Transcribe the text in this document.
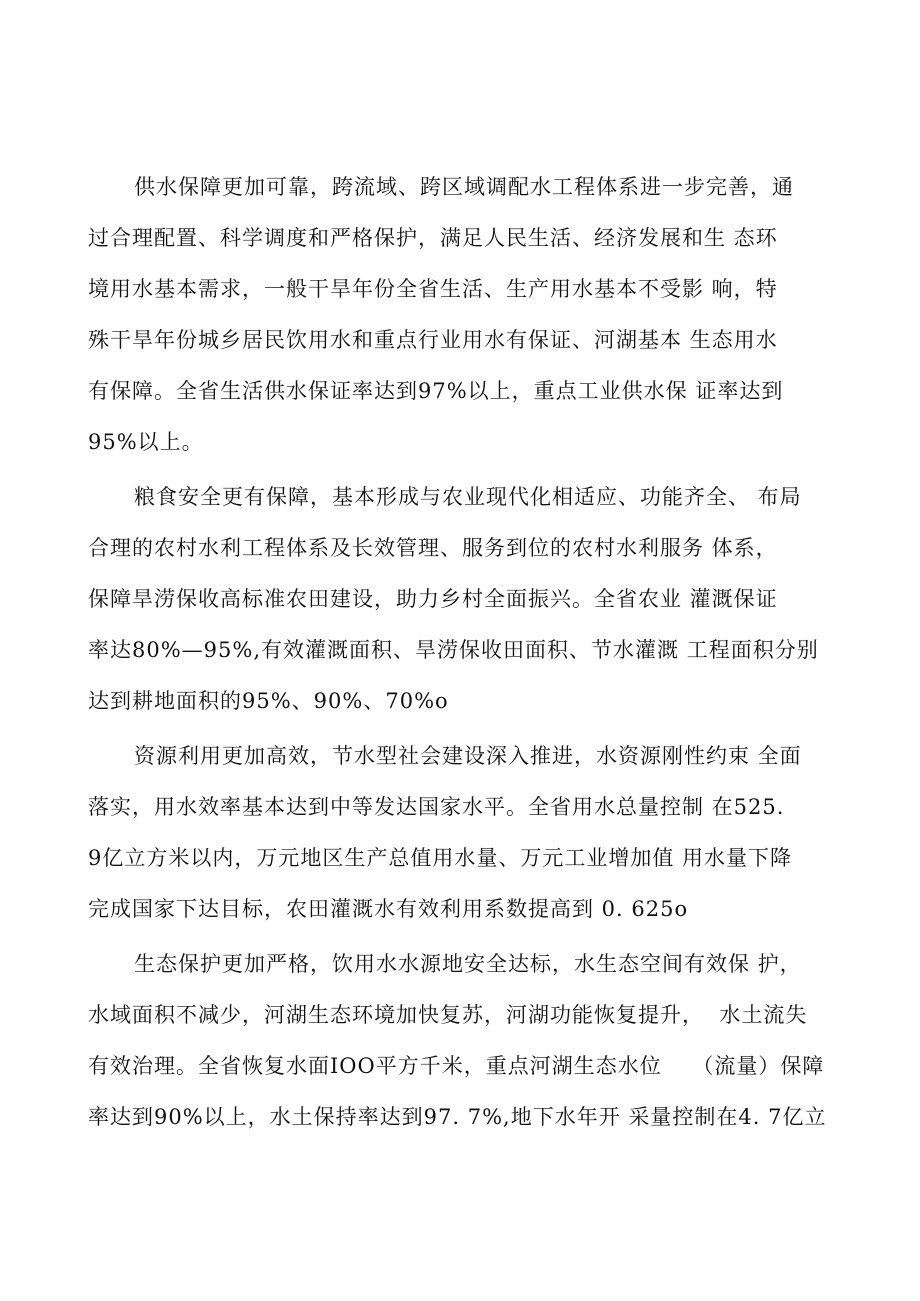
供水保障更加可靠，跨流域、跨区域调配水工程体系进一步完善，通
过合理配置、科学调度和严格保护，满足人民生活、经济发展和生 态环
境用水基本需求，一般干旱年份全省生活、生产用水基本不受影 响，特
殊干旱年份城乡居民饮用水和重点行业用水有保证、河湖基本 生态用水
有保障。全省生活供水保证率达到97%以上，重点工业供水保 证率达到
95%以上。
粮食安全更有保障，基本形成与农业现代化相适应、功能齐全、 布局
合理的农村水利工程体系及长效管理、服务到位的农村水利服务 体系，
保障旱涝保收高标准农田建设，助力乡村全面振兴。全省农业 灌溉保证
率达80%—95%,有效灌溉面积、旱涝保收田面积、节水灌溉 工程面积分别
达到耕地面积的95%、90%、70%o
资源利用更加高效，节水型社会建设深入推进，水资源刚性约束 全面
落实，用水效率基本达到中等发达国家水平。全省用水总量控制 在525.
9亿立方米以内，万元地区生产总值用水量、万元工业增加值 用水量下降
完成国家下达目标，农田灌溉水有效利用系数提高到 0. 625o
生态保护更加严格，饮用水水源地安全达标，水生态空间有效保 护，
水域面积不减少，河湖生态环境加快复苏，河湖功能恢复提升，  水土流失
有效治理。全省恢复水面IOO平方千米，重点河湖生态水位    （流量）保障
率达到90%以上，水土保持率达到97. 7%,地下水年开 采量控制在4. 7亿立
